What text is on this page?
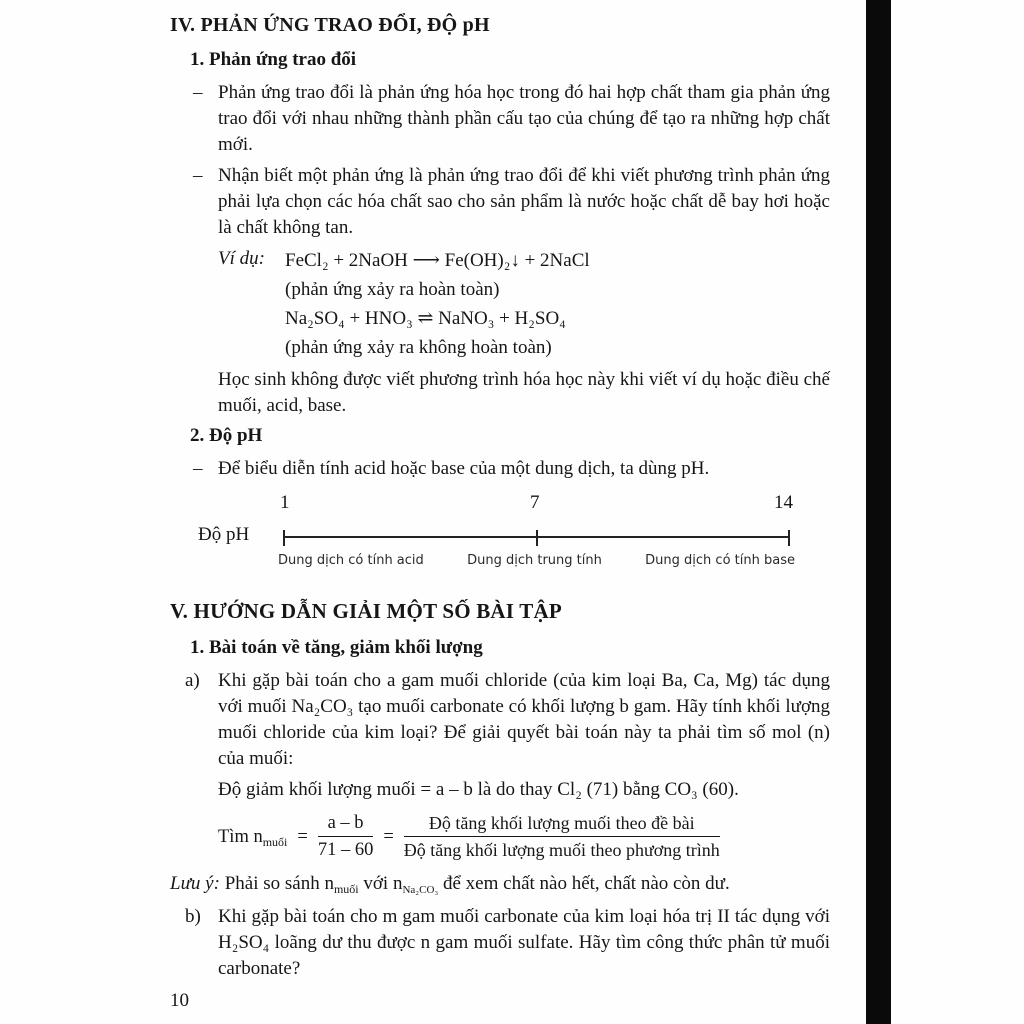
IV. PHẢN ỨNG TRAO ĐỔI, ĐỘ pH
1. Phản ứng trao đổi
– Phản ứng trao đổi là phản ứng hóa học trong đó hai hợp chất tham gia phản ứng trao đổi với nhau những thành phần cấu tạo của chúng để tạo ra những hợp chất mới.

– Nhận biết một phản ứng là phản ứng trao đổi để khi viết phương trình phản ứng phải lựa chọn các hóa chất sao cho sản phẩm là nước hoặc chất dễ bay hơi hoặc là chất không tan.

Ví dụ:	FeCl₂ + 2NaOH ⟶ Fe(OH)₂↓ + 2NaCl
(phản ứng xảy ra hoàn toàn)
Na₂SO₄ + HNO₃ ⇌ NaNO₃ + H₂SO₄
(phản ứng xảy ra không hoàn toàn)

Học sinh không được viết phương trình hóa học này khi viết ví dụ hoặc điều chế muối, acid, base.

2. Độ pH
– Để biểu diễn tính acid hoặc base của một dung dịch, ta dùng pH.

1	7	14
Độ pH
Dung dịch có tính acid	Dung dịch trung tính	Dung dịch có tính base
V. HƯỚNG DẪN GIẢI MỘT SỐ BÀI TẬP
1. Bài toán về tăng, giảm khối lượng
a) Khi gặp bài toán cho a gam muối chloride (của kim loại Ba, Ca, Mg) tác dụng với muối Na₂CO₃ tạo muối carbonate có khối lượng b gam. Hãy tính khối lượng muối chloride của kim loại? Để giải quyết bài toán này ta phải tìm số mol (n) của muối:

Độ giảm khối lượng muối = a – b là do thay Cl₂ (71) bằng CO₃ (60).

Tìm $n_{muối} = \frac{a - b}{71 - 60} = \frac{\text{Độ tăng khối lượng muối theo đề bài}}{\text{Độ tăng khối lượng muối theo phương trình}}$

Lưu ý: Phải so sánh $n_{muối}$ với $n_{Na_2CO_3}$ để xem chất nào hết, chất nào còn dư.

b) Khi gặp bài toán cho m gam muối carbonate của kim loại hóa trị II tác dụng với H₂SO₄ loãng dư thu được n gam muối sulfate. Hãy tìm công thức phân tử muối carbonate?

10
